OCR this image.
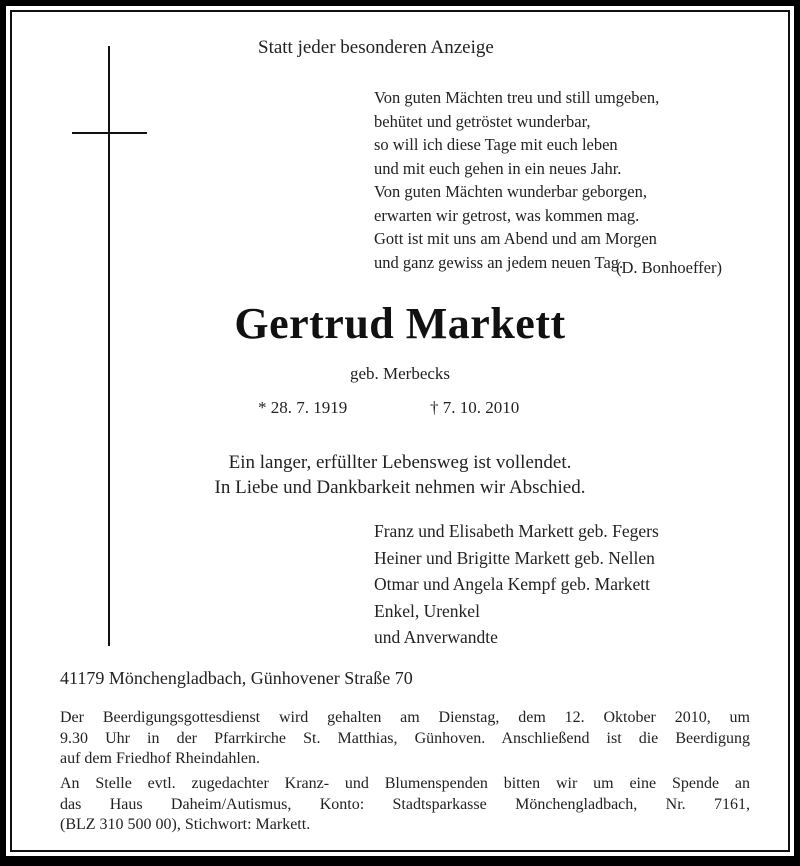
Statt jeder besonderen Anzeige
Von guten Mächten treu und still umgeben,
behütet und getröstet wunderbar,
so will ich diese Tage mit euch leben
und mit euch gehen in ein neues Jahr.
Von guten Mächten wunderbar geborgen,
erwarten wir getrost, was kommen mag.
Gott ist mit uns am Abend und am Morgen
und ganz gewiss an jedem neuen Tag.
(D. Bonhoeffer)
Gertrud Markett
geb. Merbecks
* 28. 7. 1919	† 7. 10. 2010
Ein langer, erfüllter Lebensweg ist vollendet.
In Liebe und Dankbarkeit nehmen wir Abschied.
Franz und Elisabeth Markett geb. Fegers
Heiner und Brigitte Markett geb. Nellen
Otmar und Angela Kempf geb. Markett
Enkel, Urenkel
und Anverwandte
41179 Mönchengladbach, Günhovener Straße 70
Der Beerdigungsgottesdienst wird gehalten am Dienstag, dem 12. Oktober 2010, um
9.30 Uhr in der Pfarrkirche St. Matthias, Günhoven. Anschließend ist die Beerdigung
auf dem Friedhof Rheindahlen.
An Stelle evtl. zugedachter Kranz- und Blumenspenden bitten wir um eine Spende an
das Haus Daheim/Autismus, Konto: Stadtsparkasse Mönchengladbach, Nr. 7161,
(BLZ 310 500 00), Stichwort: Markett.
